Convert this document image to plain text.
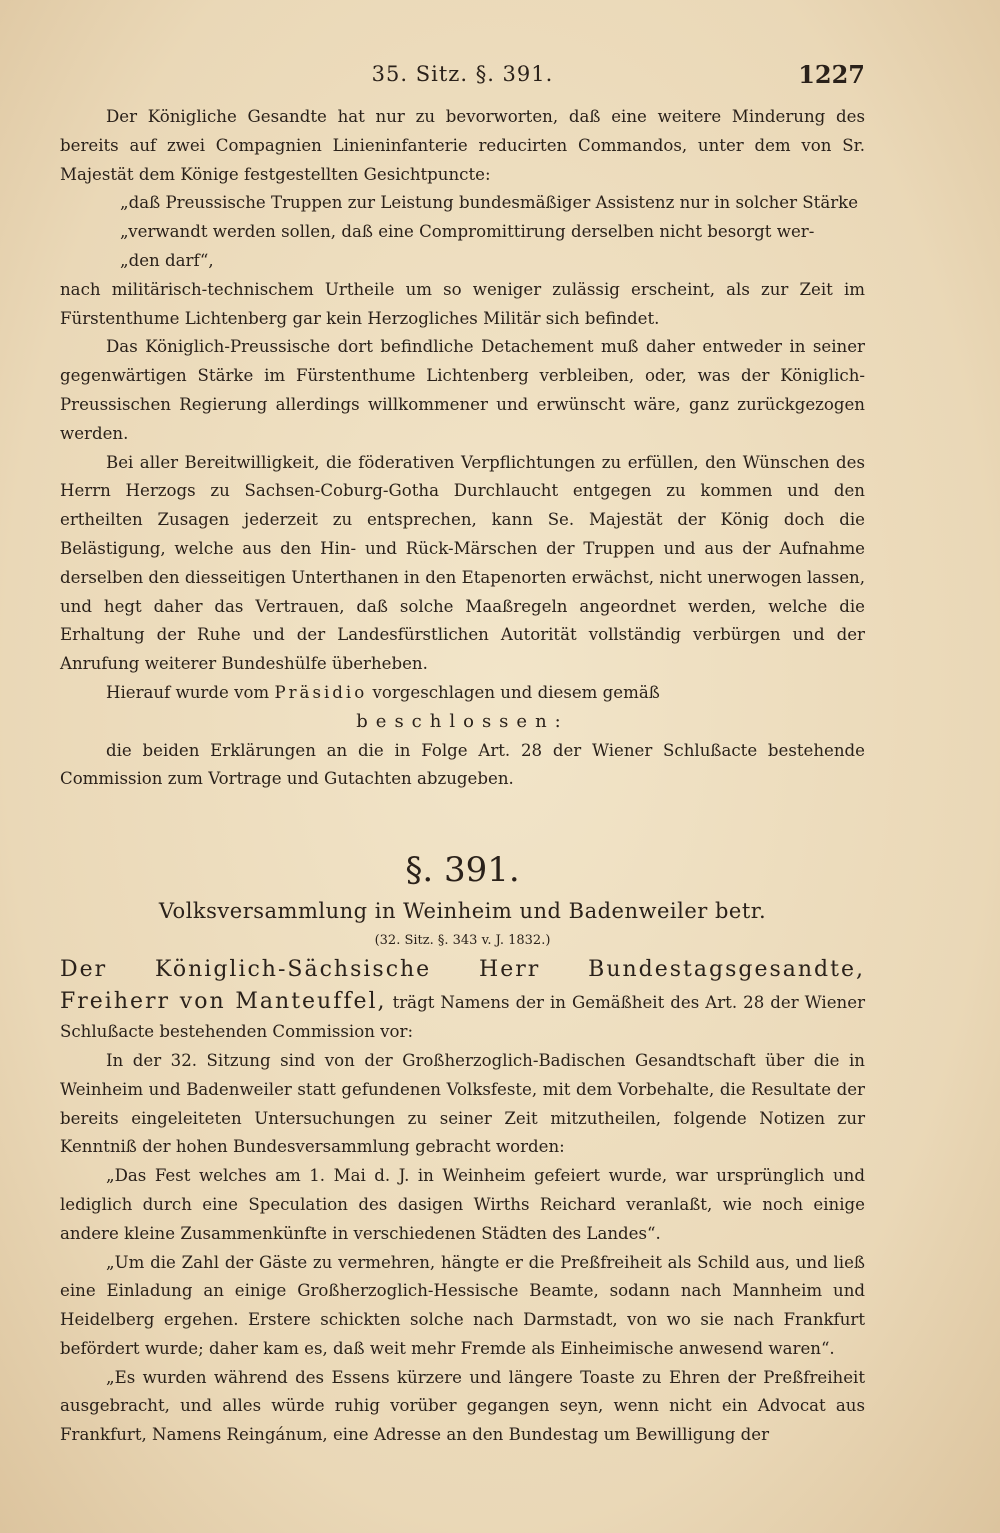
35. Sitz. §. 391.	1227

Der Königliche Gesandte hat nur zu bevorworten, daß eine weitere Minderung des bereits auf zwei Compagnien Linieninfanterie reducirten Commandos, unter dem von Sr. Majestät dem Könige festgestellten Gesichtpuncte:

„daß Preussische Truppen zur Leistung bundesmäßiger Assistenz nur in solcher Stärke

„verwandt werden sollen, daß eine Compromittirung derselben nicht besorgt wer-

„den darf“,

nach militärisch-technischem Urtheile um so weniger zulässig erscheint, als zur Zeit im Fürstenthume Lichtenberg gar kein Herzogliches Militär sich befindet.

Das Königlich-Preussische dort befindliche Detachement muß daher entweder in seiner gegenwärtigen Stärke im Fürstenthume Lichtenberg verbleiben, oder, was der Königlich-Preussischen Regierung allerdings willkommener und erwünscht wäre, ganz zurückgezogen werden.

Bei aller Bereitwilligkeit, die föderativen Verpflichtungen zu erfüllen, den Wünschen des Herrn Herzogs zu Sachsen-Coburg-Gotha Durchlaucht entgegen zu kommen und den ertheilten Zusagen jederzeit zu entsprechen, kann Se. Majestät der König doch die Belästigung, welche aus den Hin- und Rück-Märschen der Truppen und aus der Aufnahme derselben den diesseitigen Unterthanen in den Etapenorten erwächst, nicht unerwogen lassen, und hegt daher das Vertrauen, daß solche Maaßregeln angeordnet werden, welche die Erhaltung der Ruhe und der Landesfürstlichen Autorität vollständig verbürgen und der Anrufung weiterer Bundeshülfe überheben.

Hierauf wurde vom Präsidio vorgeschlagen und diesem gemäß

beschlossen:

die beiden Erklärungen an die in Folge Art. 28 der Wiener Schlußacte bestehende Commission zum Vortrage und Gutachten abzugeben.

§. 391.
Volksversammlung in Weinheim und Badenweiler betr.
(32. Sitz. §. 343 v. J. 1832.)

Der Königlich-Sächsische Herr Bundestagsgesandte, Freiherr von Manteuffel, trägt Namens der in Gemäßheit des Art. 28 der Wiener Schlußacte bestehenden Commission vor:

In der 32. Sitzung sind von der Großherzoglich-Badischen Gesandtschaft über die in Weinheim und Badenweiler statt gefundenen Volksfeste, mit dem Vorbehalte, die Resultate der bereits eingeleiteten Untersuchungen zu seiner Zeit mitzutheilen, folgende Notizen zur Kenntniß der hohen Bundesversammlung gebracht worden:

„Das Fest welches am 1. Mai d. J. in Weinheim gefeiert wurde, war ursprünglich und lediglich durch eine Speculation des dasigen Wirths Reichard veranlaßt, wie noch einige andere kleine Zusammenkünfte in verschiedenen Städten des Landes“.

„Um die Zahl der Gäste zu vermehren, hängte er die Preßfreiheit als Schild aus, und ließ eine Einladung an einige Großherzoglich-Hessische Beamte, sodann nach Mannheim und Heidelberg ergehen. Erstere schickten solche nach Darmstadt, von wo sie nach Frankfurt befördert wurde; daher kam es, daß weit mehr Fremde als Einheimische anwesend waren“.

„Es wurden während des Essens kürzere und längere Toaste zu Ehren der Preßfreiheit ausgebracht, und alles würde ruhig vorüber gegangen seyn, wenn nicht ein Advocat aus Frankfurt, Namens Reingánum, eine Adresse an den Bundestag um Bewilligung der
